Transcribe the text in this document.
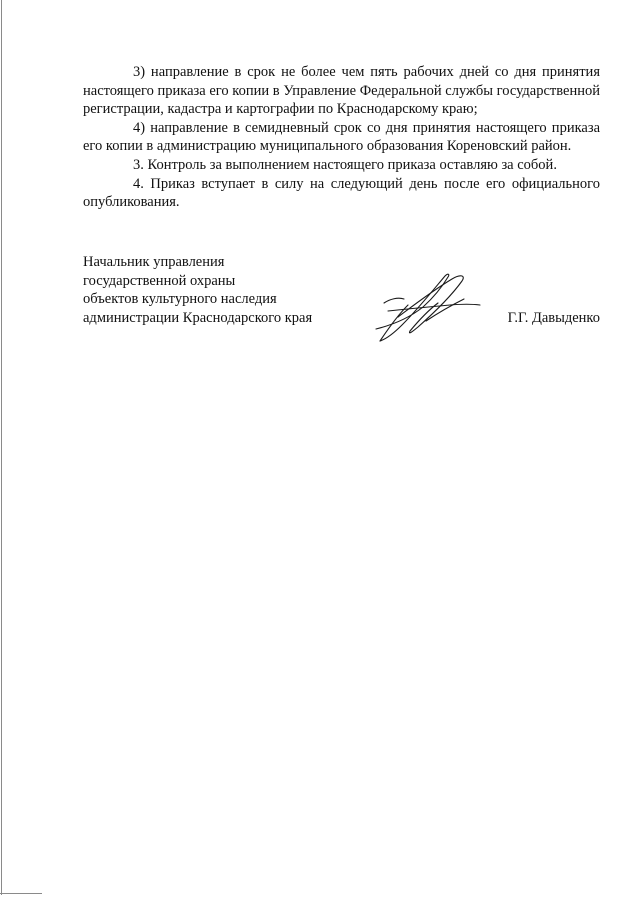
3) направление в срок не более чем пять рабочих дней со дня принятия настоящего приказа его копии в Управление Федеральной службы государственной регистрации, кадастра и картографии по Краснодарскому краю;

4) направление в семидневный срок со дня принятия настоящего приказа его копии в администрацию муниципального образования Кореновский район.

3. Контроль за выполнением настоящего приказа оставляю за собой.

4. Приказ вступает в силу на следующий день после его официального опубликования.

Начальник управления
государственной охраны
объектов культурного наследия
администрации Краснодарского края	Г.Г. Давыденко
